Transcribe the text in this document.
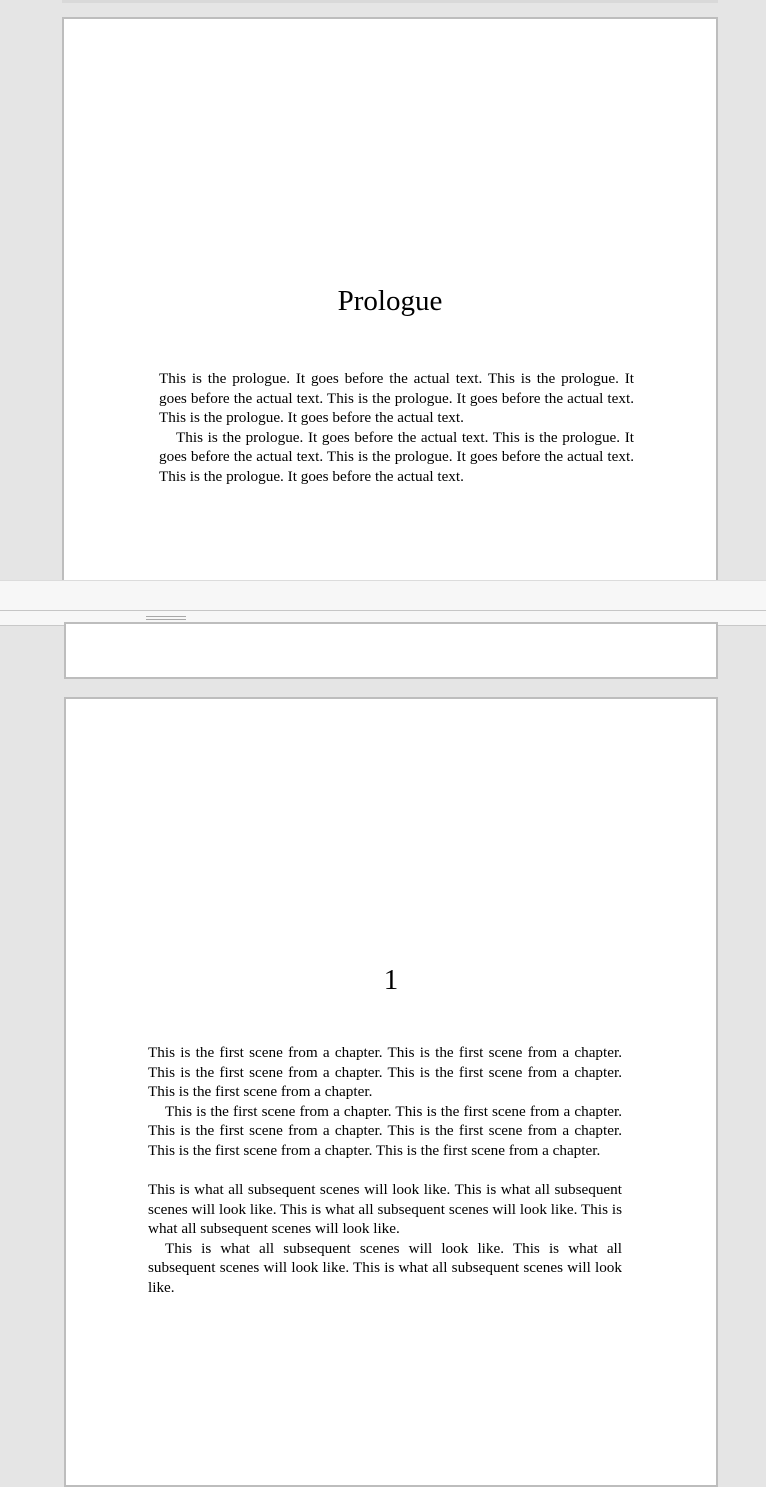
Prologue

This is the prologue. It goes before the actual text. This is the prologue. It goes before the actual text. This is the prologue. It goes before the actual text. This is the prologue. It goes before the actual text.

This is the prologue. It goes before the actual text. This is the prologue. It goes before the actual text. This is the prologue. It goes before the actual text. This is the prologue. It goes before the actual text.

1

This is the first scene from a chapter. This is the first scene from a chapter. This is the first scene from a chapter. This is the first scene from a chapter. This is the first scene from a chapter.

This is the first scene from a chapter. This is the first scene from a chapter. This is the first scene from a chapter. This is the first scene from a chapter. This is the first scene from a chapter. This is the first scene from a chapter.

This is what all subsequent scenes will look like. This is what all subsequent scenes will look like. This is what all subsequent scenes will look like. This is what all subsequent scenes will look like.

This is what all subsequent scenes will look like. This is what all subsequent scenes will look like. This is what all subsequent scenes will look like.
